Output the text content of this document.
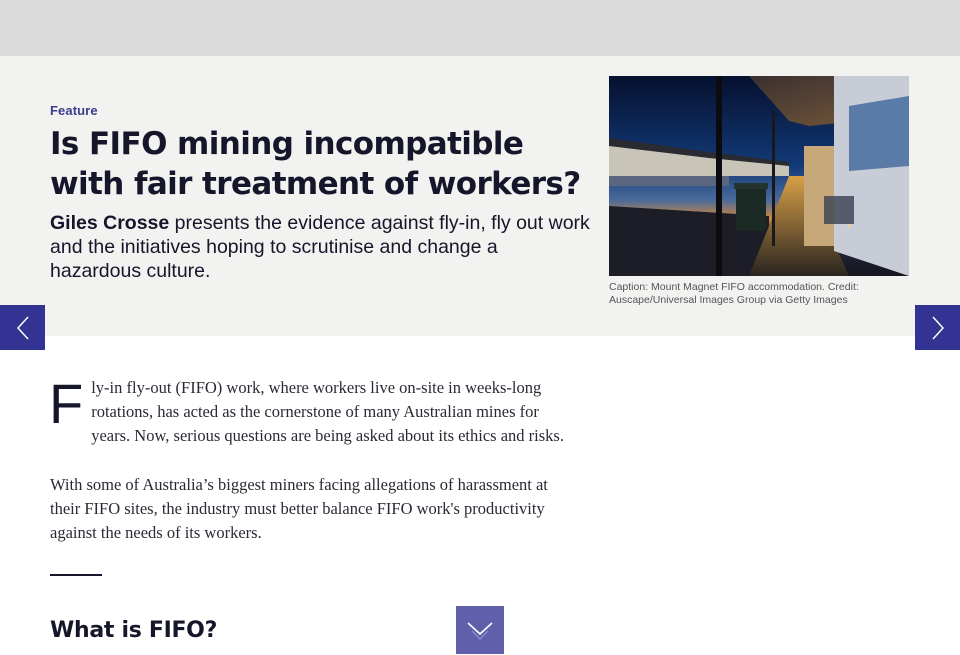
Feature
Is FIFO mining incompatible with fair treatment of workers?

Giles Crosse presents the evidence against fly-in, fly out work and the initiatives hoping to scrutinise and change a hazardous culture.

Caption: Mount Magnet FIFO accommodation. Credit: Auscape/Universal Images Group via Getty Images

Fly-in fly-out (FIFO) work, where workers live on-site in weeks-long rotations, has acted as the cornerstone of many Australian mines for years. Now, serious questions are being asked about its ethics and risks.

With some of Australia’s biggest miners facing allegations of harassment at their FIFO sites, the industry must better balance FIFO work's productivity against the needs of its workers.

What is FIFO?
